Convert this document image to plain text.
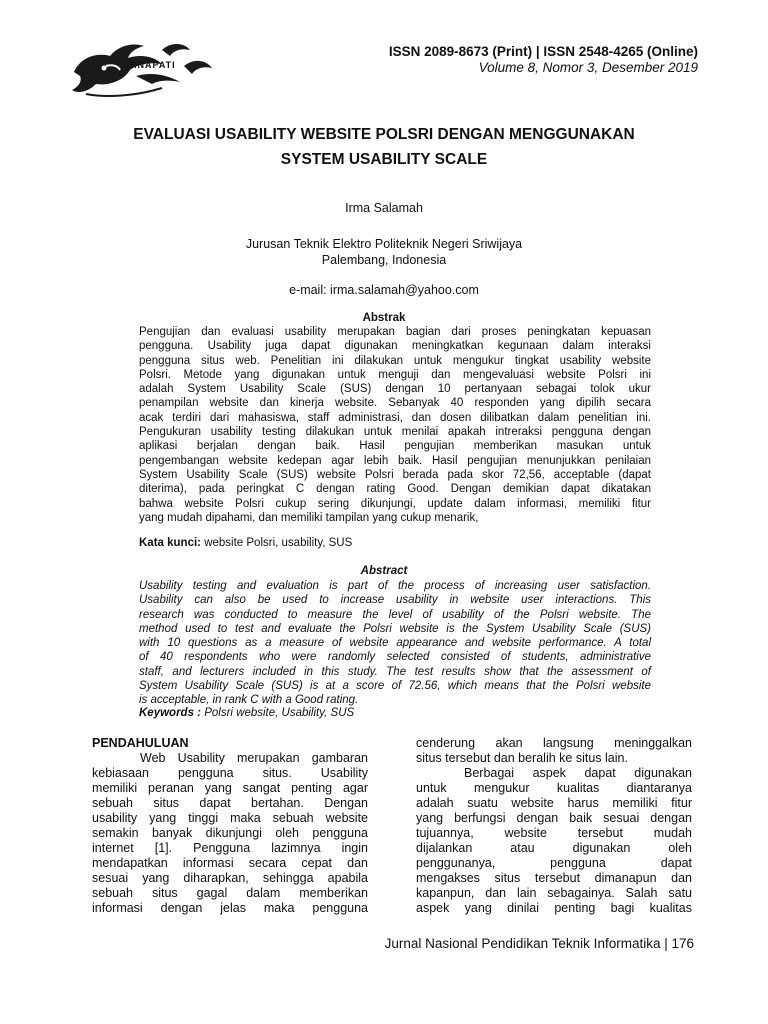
JANAPATI
ISSN 2089-8673 (Print) | ISSN 2548-4265 (Online)
Volume 8, Nomor 3, Desember 2019
EVALUASI USABILITY WEBSITE POLSRI DENGAN MENGGUNAKAN
SYSTEM USABILITY SCALE
Irma Salamah
Jurusan Teknik Elektro Politeknik Negeri Sriwijaya
Palembang, Indonesia
e-mail: irma.salamah@yahoo.com
Abstrak
Pengujian dan evaluasi usability merupakan bagian dari proses peningkatan kepuasan
pengguna. Usability juga dapat digunakan meningkatkan kegunaan dalam interaksi
pengguna situs web. Penelitian ini dilakukan untuk mengukur tingkat usability website
Polsri. Metode yang digunakan untuk menguji dan mengevaluasi website Polsri ini
adalah System Usability Scale (SUS) dengan 10 pertanyaan sebagai tolok ukur
penampilan website dan kinerja website. Sebanyak 40 responden yang dipilih secara
acak terdiri dari mahasiswa, staff administrasi, dan dosen dilibatkan dalam penelitian ini.
Pengukuran usability testing dilakukan untuk menilai apakah intreraksi pengguna dengan
aplikasi berjalan dengan baik. Hasil pengujian memberikan masukan untuk
pengembangan website kedepan agar lebih baik. Hasil pengujian menunjukkan penilaian
System Usability Scale (SUS) website Polsri berada pada skor 72,56, acceptable (dapat
diterima), pada peringkat C dengan rating Good. Dengan demikian dapat dikatakan
bahwa website Polsri cukup sering dikunjungi, update dalam informasi, memiliki fitur
yang mudah dipahami, dan memiliki tampilan yang cukup menarik,
Kata kunci: website Polsri, usability, SUS
Abstract
Usability testing and evaluation is part of the process of increasing user satisfaction.
Usability can also be used to increase usability in website user interactions. This
research was conducted to measure the level of usability of the Polsri website. The
method used to test and evaluate the Polsri website is the System Usability Scale (SUS)
with 10 questions as a measure of website appearance and website performance. A total
of 40 respondents who were randomly selected consisted of students, administrative
staff, and lecturers included in this study. The test results show that the assessment of
System Usability Scale (SUS) is at a score of 72.56, which means that the Polsri website
is acceptable, in rank C with a Good rating.
Keywords : Polsri website, Usability, SUS
PENDAHULUAN
Web Usability merupakan gambaran
kebiasaan pengguna situs. Usability
memiliki peranan yang sangat penting agar
sebuah situs dapat bertahan. Dengan
usability yang tinggi maka sebuah website
semakin banyak dikunjungi oleh pengguna
internet [1]. Pengguna lazimnya ingin
mendapatkan informasi secara cepat dan
sesuai yang diharapkan, sehingga apabila
sebuah situs gagal dalam memberikan
informasi dengan jelas maka pengguna
cenderung akan langsung meninggalkan
situs tersebut dan beralih ke situs lain.
Berbagai aspek dapat digunakan
untuk mengukur kualitas diantaranya
adalah suatu website harus memiliki fitur
yang berfungsi dengan baik sesuai dengan
tujuannya, website tersebut mudah
dijalankan atau digunakan oleh
penggunanya, pengguna dapat
mengakses situs tersebut dimanapun dan
kapanpun, dan lain sebagainya. Salah satu
aspek yang dinilai penting bagi kualitas
Jurnal Nasional Pendidikan Teknik Informatika | 176
